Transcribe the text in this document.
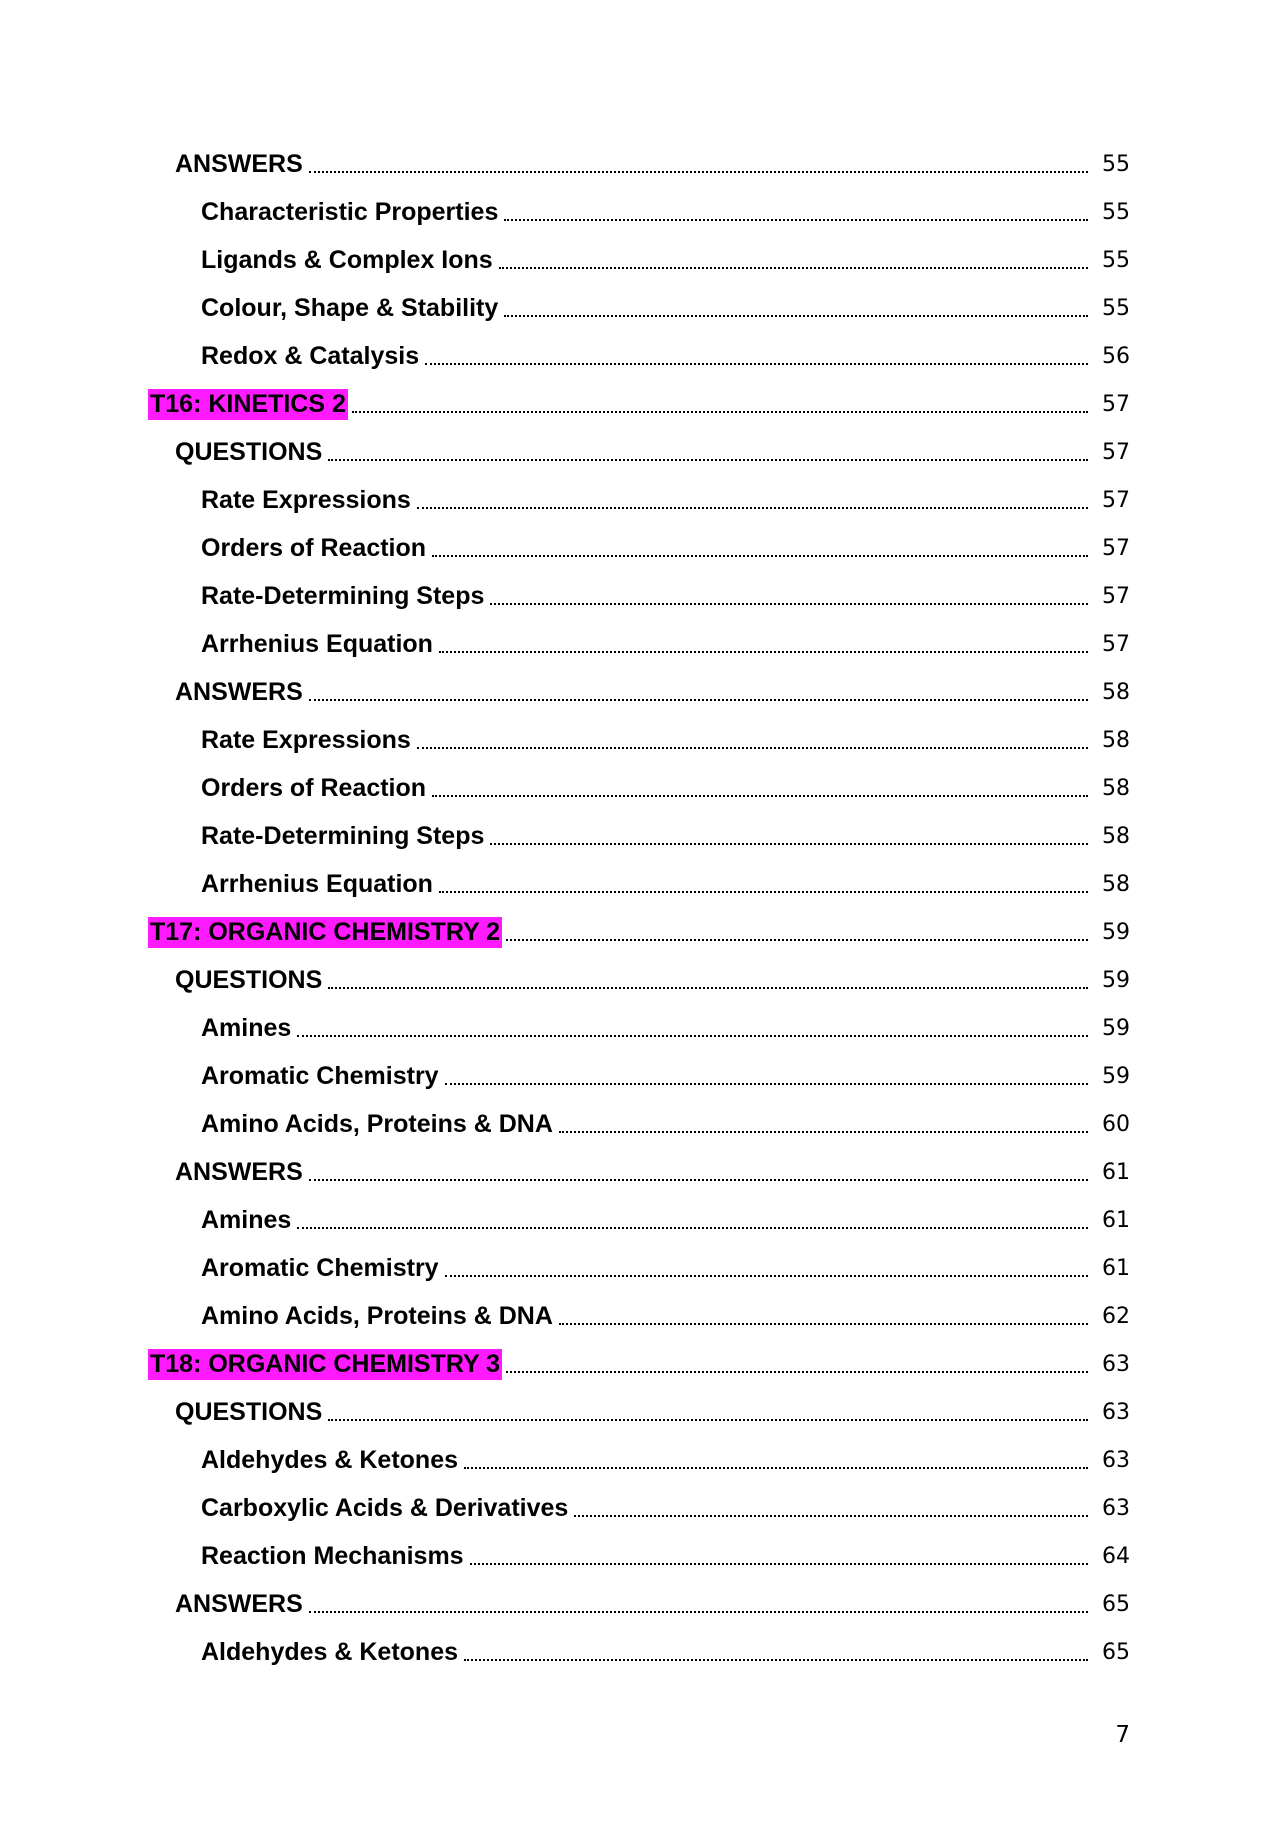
ANSWERS	55
Characteristic Properties	55
Ligands & Complex Ions	55
Colour, Shape & Stability	55
Redox & Catalysis	56
T16: KINETICS 2	57
QUESTIONS	57
Rate Expressions	57
Orders of Reaction	57
Rate-Determining Steps	57
Arrhenius Equation	57
ANSWERS	58
Rate Expressions	58
Orders of Reaction	58
Rate-Determining Steps	58
Arrhenius Equation	58
T17: ORGANIC CHEMISTRY 2	59
QUESTIONS	59
Amines	59
Aromatic Chemistry	59
Amino Acids, Proteins & DNA	60
ANSWERS	61
Amines	61
Aromatic Chemistry	61
Amino Acids, Proteins & DNA	62
T18: ORGANIC CHEMISTRY 3	63
QUESTIONS	63
Aldehydes & Ketones	63
Carboxylic Acids & Derivatives	63
Reaction Mechanisms	64
ANSWERS	65
Aldehydes & Ketones	65
7
